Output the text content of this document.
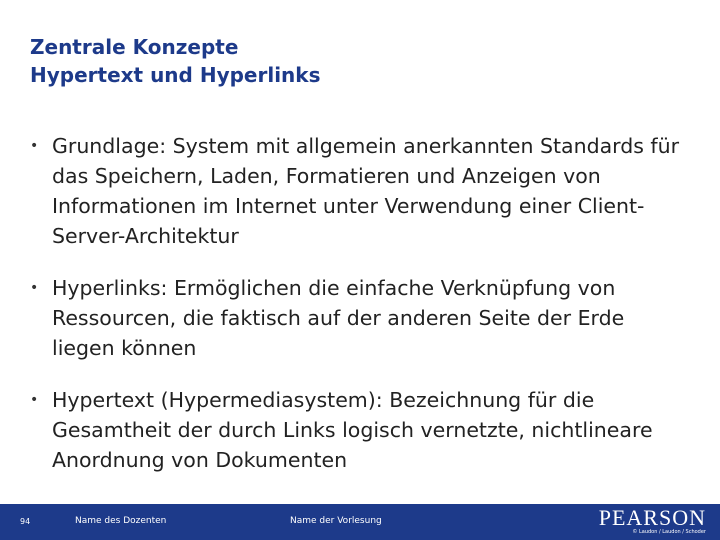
Zentrale Konzepte
Hypertext und Hyperlinks
• Grundlage: System mit allgemein anerkannten Standards für das Speichern, Laden, Formatieren und Anzeigen von Informationen im Internet unter Verwendung einer Client-Server-Architektur
• Hyperlinks: Ermöglichen die einfache Verknüpfung von Ressourcen, die faktisch auf der anderen Seite der Erde liegen können
• Hypertext (Hypermediasystem): Bezeichnung für die Gesamtheit der durch Links logisch vernetzte, nichtlineare Anordnung von Dokumenten
94	Name des Dozenten	Name der Vorlesung	PEARSON
© Laudon / Laudon / Schoder
